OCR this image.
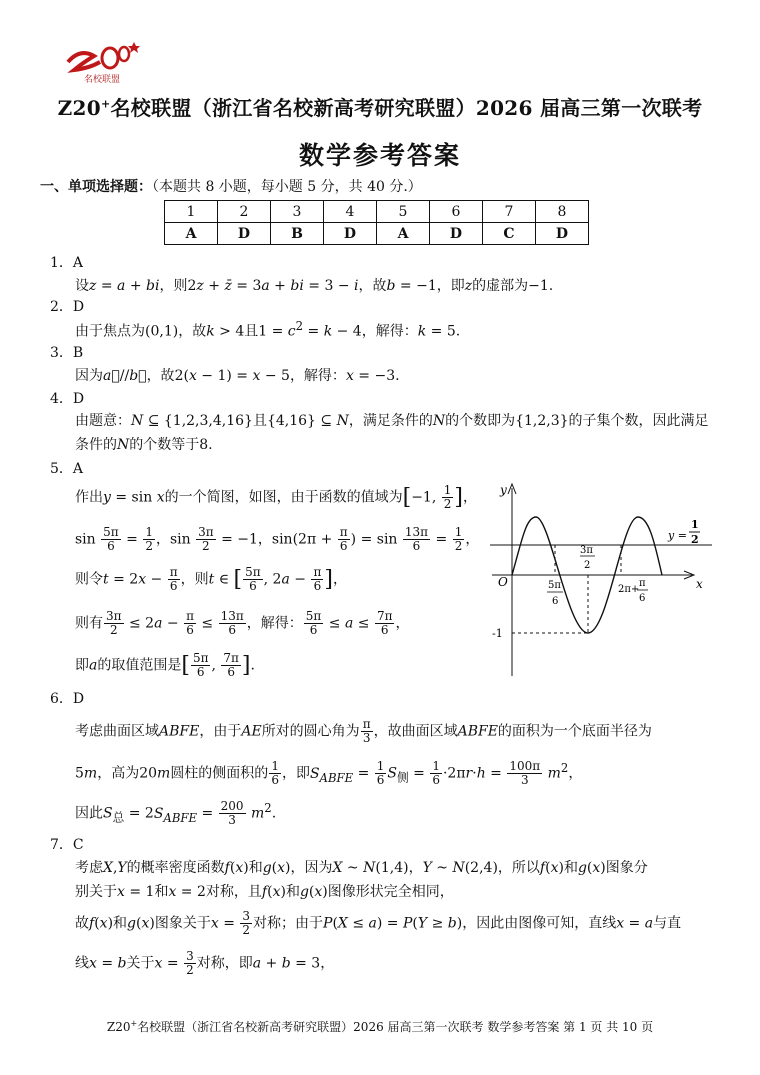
名校联盟
Z20+名校联盟（浙江省名校新高考研究联盟）2026 届高三第一次联考
数学参考答案
一、单项选择题：（本题共 8 小题，每小题 5 分，共 40 分.）
1	2	3	4	5	6	7	8
A	D	B	D	A	D	C	D
1．A
设z = a + bi，则2z + z̄ = 3a + bi = 3 − i，故b = −1，即z的虚部为−1.
2．D
由于焦点为(0,1)，故k > 4且$1 = c^2 = k - 4$，解得：k = 5.
3．B
因为a⃗//b⃗，故2(x − 1) = x − 5，解得：x = −3.
4．D
由题意：N ⊆ {1,2,3,4,16}且{4,16} ⊆ N，满足条件的N的个数即为{1,2,3}的子集个数，因此满足
条件的N的个数等于8.
5．A
作出y = sin x的一个简图，如图，由于函数的值域为[−1, $\frac{1}{2}$ ]，
$\sin \frac{5\pi}{6} = \frac{1}{2}$ ，$\sin \frac{3\pi}{2} = -1$，$\sin(2\pi + \frac{\pi}{6}$ ) = $\sin \frac{13\pi}{6} = \frac{1}{2}$ ，
则令$t = 2x - \frac{\pi}{6}$ ，则t ∈ [ $\frac{5\pi}{6}$ , $2a - \frac{\pi}{6}$ ]，
则有 $\frac{3\pi}{2} \le 2a - \frac{\pi}{6} \le \frac{13\pi}{6}$ ，解得： $\frac{5\pi}{6} \le a \le \frac{7\pi}{6}$ ，
即a的取值范围是[ $\frac{5\pi}{6}$ , $\frac{7\pi}{6}$ ].
y
x
O
-1
y =
1
2
3π
2
5π
6
2π+
π
6
6．D
考虑曲面区域ABFE，由于AE所对的圆心角为 $\frac{\pi}{3}$ ，故曲面区域ABFE的面积为一个底面半径为
5m，高为20m圆柱的侧面积的 $\frac{1}{6}$ ，即$S_{ABFE} = \frac{1}{6} S_侧 = \frac{1}{6} \cdot 2\pi r\cdot h = \frac{100\pi}{3} m^2$，
因此$S_总 = 2S_{ABFE} = \frac{200}{3} m^2$.
7．C
考虑X,Y的概率密度函数f(x)和g(x)，因为X ~ N(1,4)，Y ~ N(2,4)，所以f(x)和g(x)图象分
别关于x = 1和x = 2对称，且f(x)和g(x)图像形状完全相同，
故f(x)和g(x)图象关于$x = \frac{3}{2}$ 对称；由于P(X ≤ a) = P(Y ≥ b)，因此由图像可知，直线x = a与直
线x = b关于$x = \frac{3}{2}$ 对称，即a + b = 3，
Z20+名校联盟（浙江省名校新高考研究联盟）2026 届高三第一次联考 数学参考答案 第 1 页 共 10 页
